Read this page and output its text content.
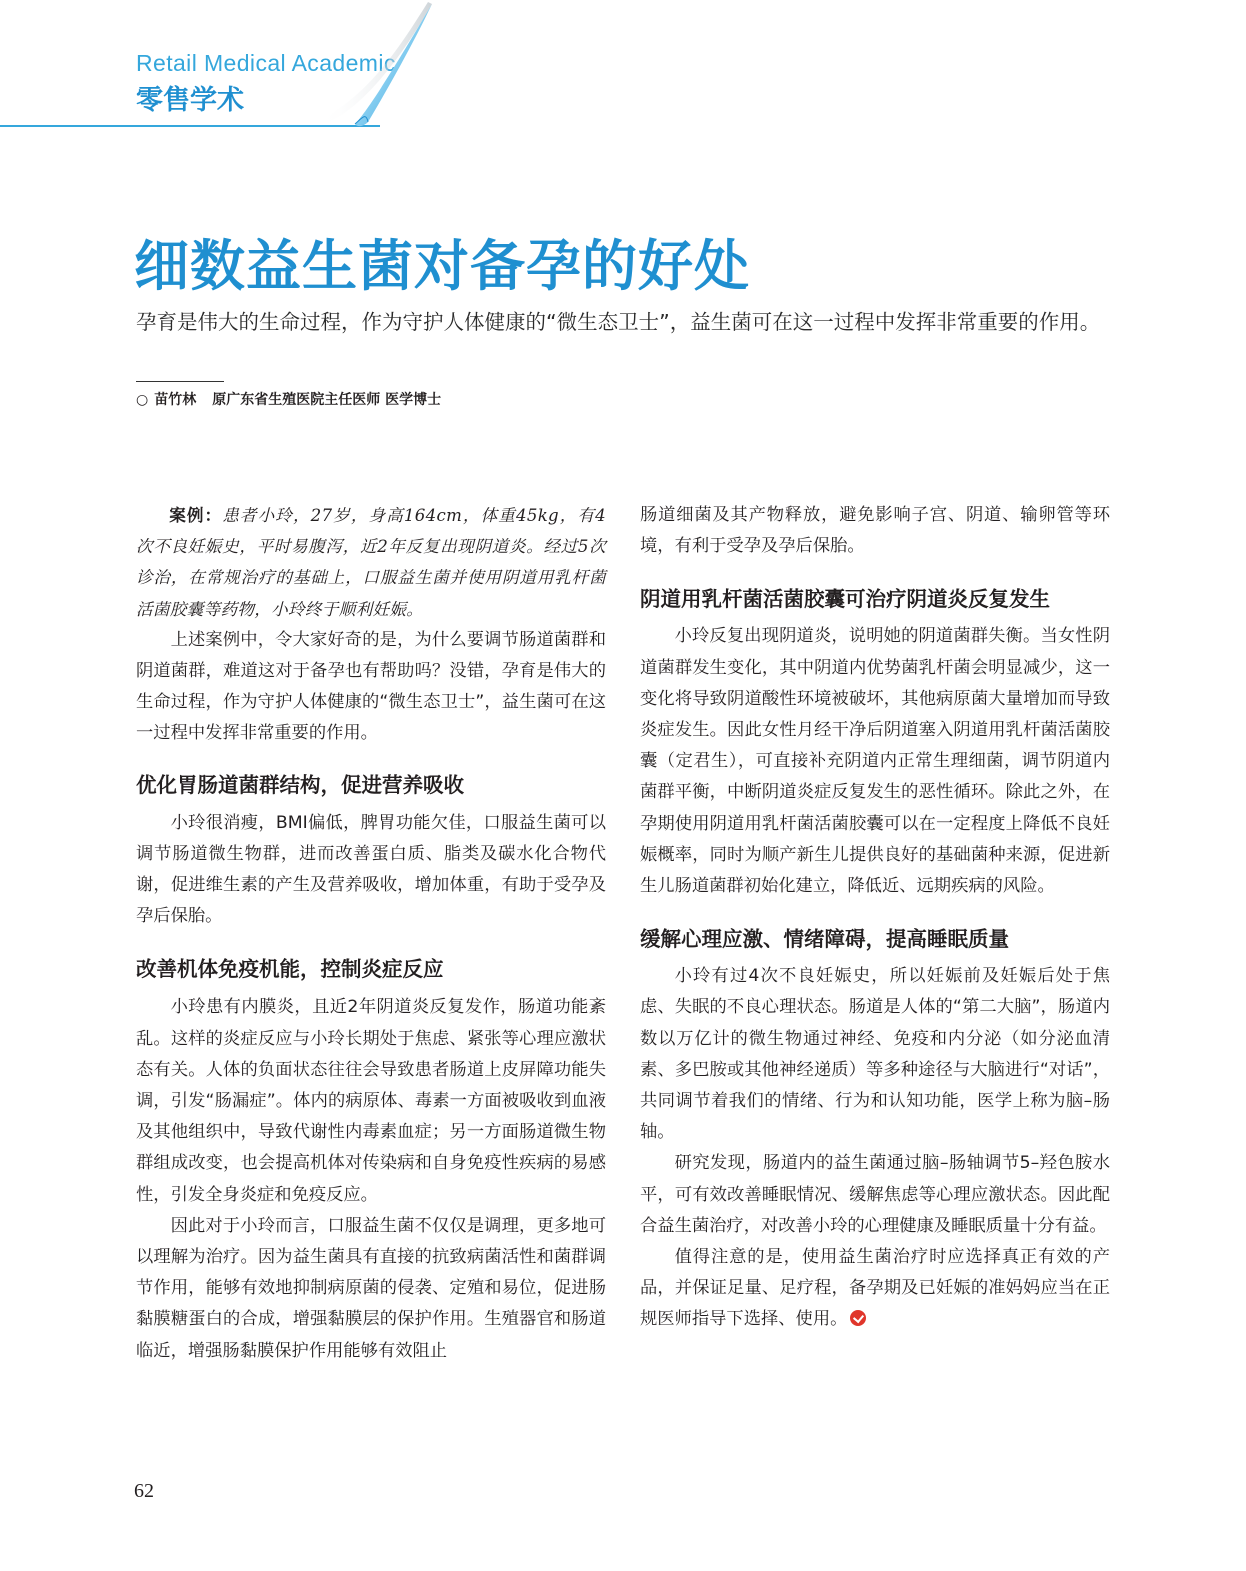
Retail Medical Academic
零售学术
细数益生菌对备孕的好处

孕育是伟大的生命过程，作为守护人体健康的“微生态卫士”，益生菌可在这一过程中发挥非常重要的作用。

○ 苗竹林 原广东省生殖医院主任医师 医学博士

案例：患者小玲，27岁，身高164cm，体重45kg，有4次不良妊娠史，平时易腹泻，近2年反复出现阴道炎。经过5次诊治，在常规治疗的基础上，口服益生菌并使用阴道用乳杆菌活菌胶囊等药物，小玲终于顺利妊娠。

上述案例中，令大家好奇的是，为什么要调节肠道菌群和阴道菌群，难道这对于备孕也有帮助吗？没错，孕育是伟大的生命过程，作为守护人体健康的“微生态卫士”，益生菌可在这一过程中发挥非常重要的作用。

优化胃肠道菌群结构，促进营养吸收

小玲很消瘦，BMI偏低，脾胃功能欠佳，口服益生菌可以调节肠道微生物群，进而改善蛋白质、脂类及碳水化合物代谢，促进维生素的产生及营养吸收，增加体重，有助于受孕及孕后保胎。

改善机体免疫机能，控制炎症反应

小玲患有内膜炎，且近2年阴道炎反复发作，肠道功能紊乱。这样的炎症反应与小玲长期处于焦虑、紧张等心理应激状态有关。人体的负面状态往往会导致患者肠道上皮屏障功能失调，引发“肠漏症”。体内的病原体、毒素一方面被吸收到血液及其他组织中，导致代谢性内毒素血症；另一方面肠道微生物群组成改变，也会提高机体对传染病和自身免疫性疾病的易感性，引发全身炎症和免疫反应。

因此对于小玲而言，口服益生菌不仅仅是调理，更多地可以理解为治疗。因为益生菌具有直接的抗致病菌活性和菌群调节作用，能够有效地抑制病原菌的侵袭、定殖和易位，促进肠黏膜糖蛋白的合成，增强黏膜层的保护作用。生殖器官和肠道临近，增强肠黏膜保护作用能够有效阻止

肠道细菌及其产物释放，避免影响子宫、阴道、输卵管等环境，有利于受孕及孕后保胎。

阴道用乳杆菌活菌胶囊可治疗阴道炎反复发生

小玲反复出现阴道炎，说明她的阴道菌群失衡。当女性阴道菌群发生变化，其中阴道内优势菌乳杆菌会明显减少，这一变化将导致阴道酸性环境被破坏，其他病原菌大量增加而导致炎症发生。因此女性月经干净后阴道塞入阴道用乳杆菌活菌胶囊（定君生），可直接补充阴道内正常生理细菌，调节阴道内菌群平衡，中断阴道炎症反复发生的恶性循环。除此之外，在孕期使用阴道用乳杆菌活菌胶囊可以在一定程度上降低不良妊娠概率，同时为顺产新生儿提供良好的基础菌种来源，促进新生儿肠道菌群初始化建立，降低近、远期疾病的风险。

缓解心理应激、情绪障碍，提高睡眠质量

小玲有过4次不良妊娠史，所以妊娠前及妊娠后处于焦虑、失眠的不良心理状态。肠道是人体的“第二大脑”，肠道内数以万亿计的微生物通过神经、免疫和内分泌（如分泌血清素、多巴胺或其他神经递质）等多种途径与大脑进行“对话”，共同调节着我们的情绪、行为和认知功能，医学上称为脑–肠轴。

研究发现，肠道内的益生菌通过脑–肠轴调节5–羟色胺水平，可有效改善睡眠情况、缓解焦虑等心理应激状态。因此配合益生菌治疗，对改善小玲的心理健康及睡眠质量十分有益。

值得注意的是，使用益生菌治疗时应选择真正有效的产品，并保证足量、足疗程，备孕期及已妊娠的准妈妈应当在正规医师指导下选择、使用。

62
